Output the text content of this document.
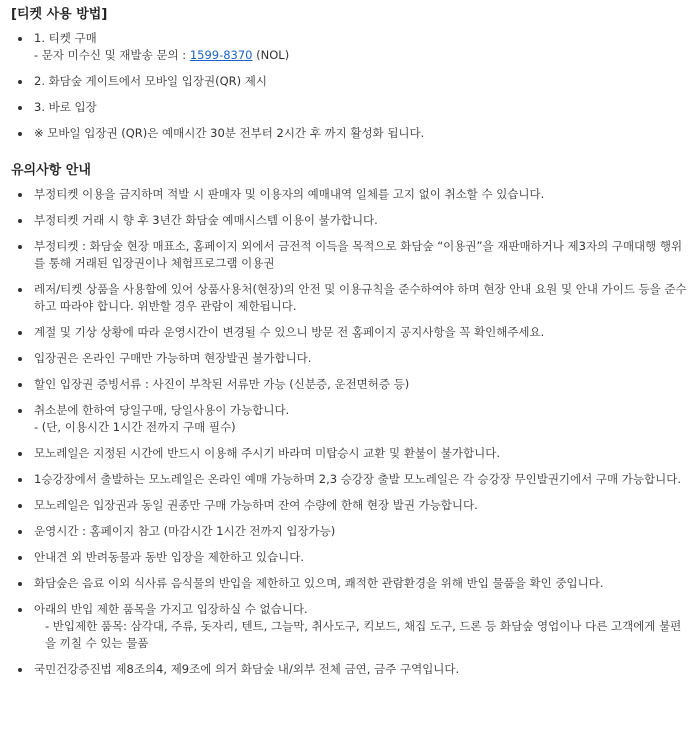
[티켓 사용 방법]
1. 티켓 구매
- 문자 미수신 및 재발송 문의 : 1599-8370 (NOL)
2. 화담숲 게이트에서 모바일 입장권(QR) 제시
3. 바로 입장
※ 모바일 입장권 (QR)은 예매시간 30분 전부터 2시간 후 까지 활성화 됩니다.
유의사항 안내
부정티켓 이용을 금지하며 적발 시 판매자 및 이용자의 예매내역 일체를 고지 없이 취소할 수 있습니다.
부정티켓 거래 시 향 후 3년간 화담숲 예매시스템 이용이 불가합니다.
부정티켓 : 화담숲 현장 매표소, 홈페이지 외에서 금전적 이득을 목적으로 화담숲 “이용권”을 재판매하거나 제3자의 구매대행 행위를 통해 거래된 입장권이나 체험프로그램 이용권
레저/티켓 상품을 사용함에 있어 상품사용처(현장)의 안전 및 이용규칙을 준수하여야 하며 현장 안내 요원 및 안내 가이드 등을 준수하고 따라야 합니다. 위반할 경우 관람이 제한됩니다.
계절 및 기상 상황에 따라 운영시간이 변경될 수 있으니 방문 전 홈페이지 공지사항을 꼭 확인해주세요.
입장권은 온라인 구매만 가능하며 현장발권 불가합니다.
할인 입장권 증빙서류 : 사진이 부착된 서류만 가능 (신분증, 운전면허증 등)
취소분에 한하여 당일구매, 당일사용이 가능합니다.
- (단, 이용시간 1시간 전까지 구매 필수)
모노레일은 지정된 시간에 반드시 이용해 주시기 바라며 미탑승시 교환 및 환불이 불가합니다.
1승강장에서 출발하는 모노레일은 온라인 예매 가능하며 2,3 승강장 출발 모노레일은 각 승강장 무인발권기에서 구매 가능합니다.
모노레일은 입장권과 동일 권종만 구매 가능하며 잔여 수량에 한해 현장 발권 가능합니다.
운영시간 : 홈페이지 참고 (마감시간 1시간 전까지 입장가능)
안내견 외 반려동물과 동반 입장을 제한하고 있습니다.
화담숲은 음료 이외 식사류 음식물의 반입을 제한하고 있으며, 쾌적한 관람환경을 위해 반입 물품을 확인 중입니다.
아래의 반입 제한 품목을 가지고 입장하실 수 없습니다.
- 반입제한 품목: 삼각대, 주류, 돗자리, 텐트, 그늘막, 취사도구, 킥보드, 채집 도구, 드론 등 화담숲 영업이나 다른 고객에게 불편을 끼칠 수 있는 물품
국민건강증진법 제8조의4, 제9조에 의거 화담숲 내/외부 전체 금연, 금주 구역입니다.
